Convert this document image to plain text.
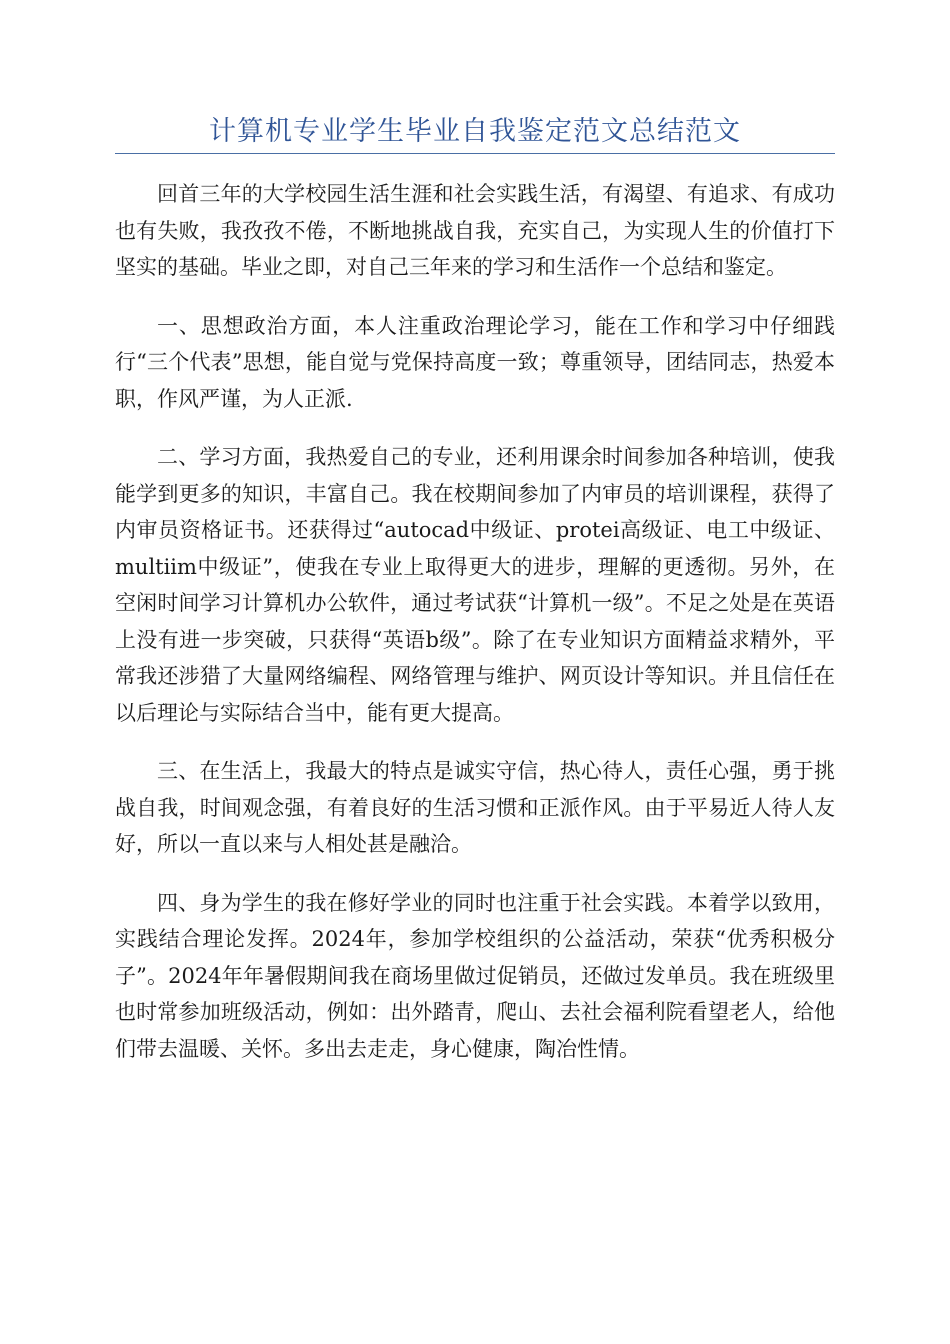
计算机专业学生毕业自我鉴定范文总结范文

回首三年的大学校园生活生涯和社会实践生活，有渴望、有追求、有成功也有失败，我孜孜不倦，不断地挑战自我，充实自己，为实现人生的价值打下坚实的基础。毕业之即，对自己三年来的学习和生活作一个总结和鉴定。

一、思想政治方面，本人注重政治理论学习，能在工作和学习中仔细践行“三个代表”思想，能自觉与党保持高度一致；尊重领导，团结同志，热爱本职，作风严谨，为人正派.

二、学习方面，我热爱自己的专业，还利用课余时间参加各种培训，使我能学到更多的知识，丰富自己。我在校期间参加了内审员的培训课程，获得了内审员资格证书。还获得过“autocad中级证、protei高级证、电工中级证、multiim中级证”，使我在专业上取得更大的进步，理解的更透彻。另外，在空闲时间学习计算机办公软件，通过考试获“计算机一级”。不足之处是在英语上没有进一步突破，只获得“英语b级”。除了在专业知识方面精益求精外，平常我还涉猎了大量网络编程、网络管理与维护、网页设计等知识。并且信任在以后理论与实际结合当中，能有更大提高。

三、在生活上，我最大的特点是诚实守信，热心待人，责任心强，勇于挑战自我，时间观念强，有着良好的生活习惯和正派作风。由于平易近人待人友好，所以一直以来与人相处甚是融洽。

四、身为学生的我在修好学业的同时也注重于社会实践。本着学以致用，实践结合理论发挥。2024年，参加学校组织的公益活动，荣获“优秀积极分子”。2024年年暑假期间我在商场里做过促销员，还做过发单员。我在班级里也时常参加班级活动，例如：出外踏青，爬山、去社会福利院看望老人，给他们带去温暖、关怀。多出去走走，身心健康，陶冶性情。
